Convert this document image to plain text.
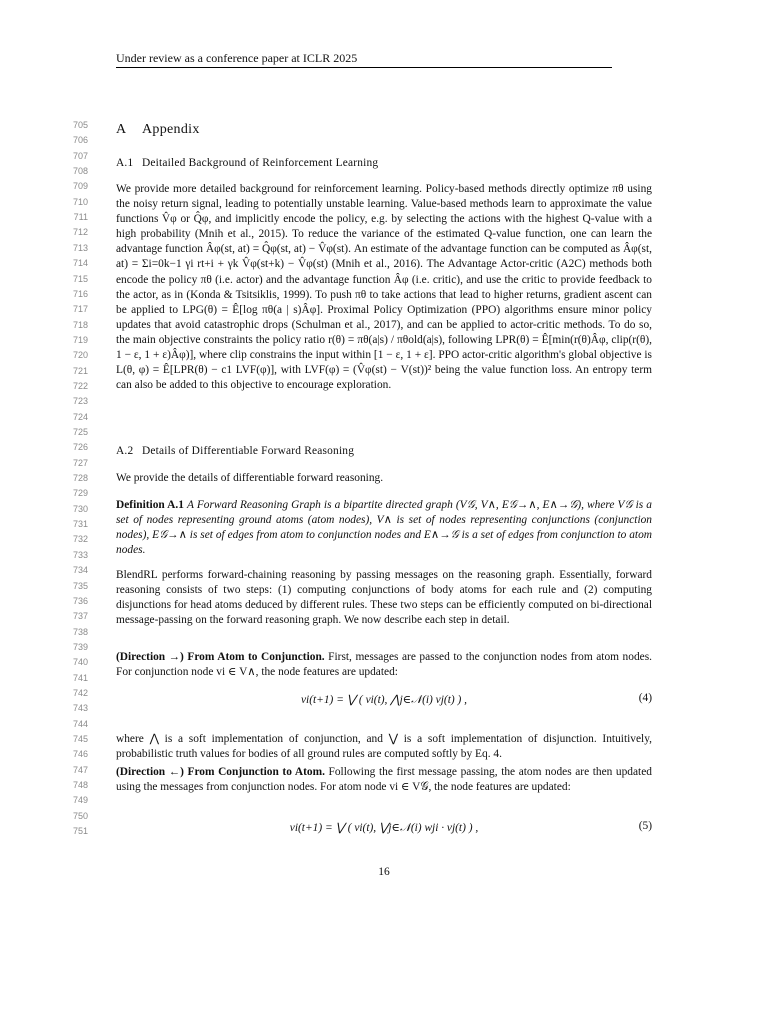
Under review as a conference paper at ICLR 2025
705
706
707
708
709
710
711
712
713
714
715
716
717
718
719
720
721
722
723
724
725
726
727
728
729
730
731
732
733
734
735
736
737
738
739
740
741
742
743
744
745
746
747
748
749
750
751
A Appendix
A.1 Deitailed Background of Reinforcement Learning
We provide more detailed background for reinforcement learning. Policy-based methods directly optimize πθ using the noisy return signal, leading to potentially unstable learning. Value-based methods learn to approximate the value functions V̂φ or Q̂φ, and implicitly encode the policy, e.g. by selecting the actions with the highest Q-value with a high probability (Mnih et al., 2015). To reduce the variance of the estimated Q-value function, one can learn the advantage function Âφ(st, at) = Q̂φ(st, at) − V̂φ(st). An estimate of the advantage function can be computed as Âφ(st, at) = Σi=0k−1 γi rt+i + γk V̂φ(st+k) − V̂φ(st) (Mnih et al., 2016). The Advantage Actor-critic (A2C) methods both encode the policy πθ (i.e. actor) and the advantage function Âφ (i.e. critic), and use the critic to provide feedback to the actor, as in (Konda & Tsitsiklis, 1999). To push πθ to take actions that lead to higher returns, gradient ascent can be applied to LPG(θ) = Ê[log πθ(a | s)Âφ]. Proximal Policy Optimization (PPO) algorithms ensure minor policy updates that avoid catastrophic drops (Schulman et al., 2017), and can be applied to actor-critic methods. To do so, the main objective constraints the policy ratio r(θ) = πθ(a|s) / πθold(a|s), following LPR(θ) = Ê[min(r(θ)Âφ, clip(r(θ), 1 − ε, 1 + ε)Âφ)], where clip constrains the input within [1 − ε, 1 + ε]. PPO actor-critic algorithm's global objective is L(θ, φ) = Ê[LPR(θ) − c1 LVF(φ)], with LVF(φ) = (V̂φ(st) − V(st))² being the value function loss. An entropy term can also be added to this objective to encourage exploration.
A.2 Details of Differentiable Forward Reasoning
We provide the details of differentiable forward reasoning.
Definition A.1 A Forward Reasoning Graph is a bipartite directed graph (V𝒢, V∧, E𝒢→∧, E∧→𝒢), where V𝒢 is a set of nodes representing ground atoms (atom nodes), V∧ is set of nodes representing conjunctions (conjunction nodes), E𝒢→∧ is set of edges from atom to conjunction nodes and E∧→𝒢 is a set of edges from conjunction to atom nodes.
BlendRL performs forward-chaining reasoning by passing messages on the reasoning graph. Essentially, forward reasoning consists of two steps: (1) computing conjunctions of body atoms for each rule and (2) computing disjunctions for head atoms deduced by different rules. These two steps can be efficiently computed on bi-directional message-passing on the forward reasoning graph. We now describe each step in detail.
(Direction →) From Atom to Conjunction. First, messages are passed to the conjunction nodes from atom nodes. For conjunction node vi ∈ V∧, the node features are updated:
vi(t+1) = ⋁ ( vi(t), ⋀j∈𝒩(i) vj(t) ) ,	(4)
where ⋀ is a soft implementation of conjunction, and ⋁ is a soft implementation of disjunction. Intuitively, probabilistic truth values for bodies of all ground rules are computed softly by Eq. 4.
(Direction ←) From Conjunction to Atom. Following the first message passing, the atom nodes are then updated using the messages from conjunction nodes. For atom node vi ∈ V𝒢, the node features are updated:
vi(t+1) = ⋁ ( vi(t), ⋁j∈𝒩(i) wji · vj(t) ) ,	(5)
16
